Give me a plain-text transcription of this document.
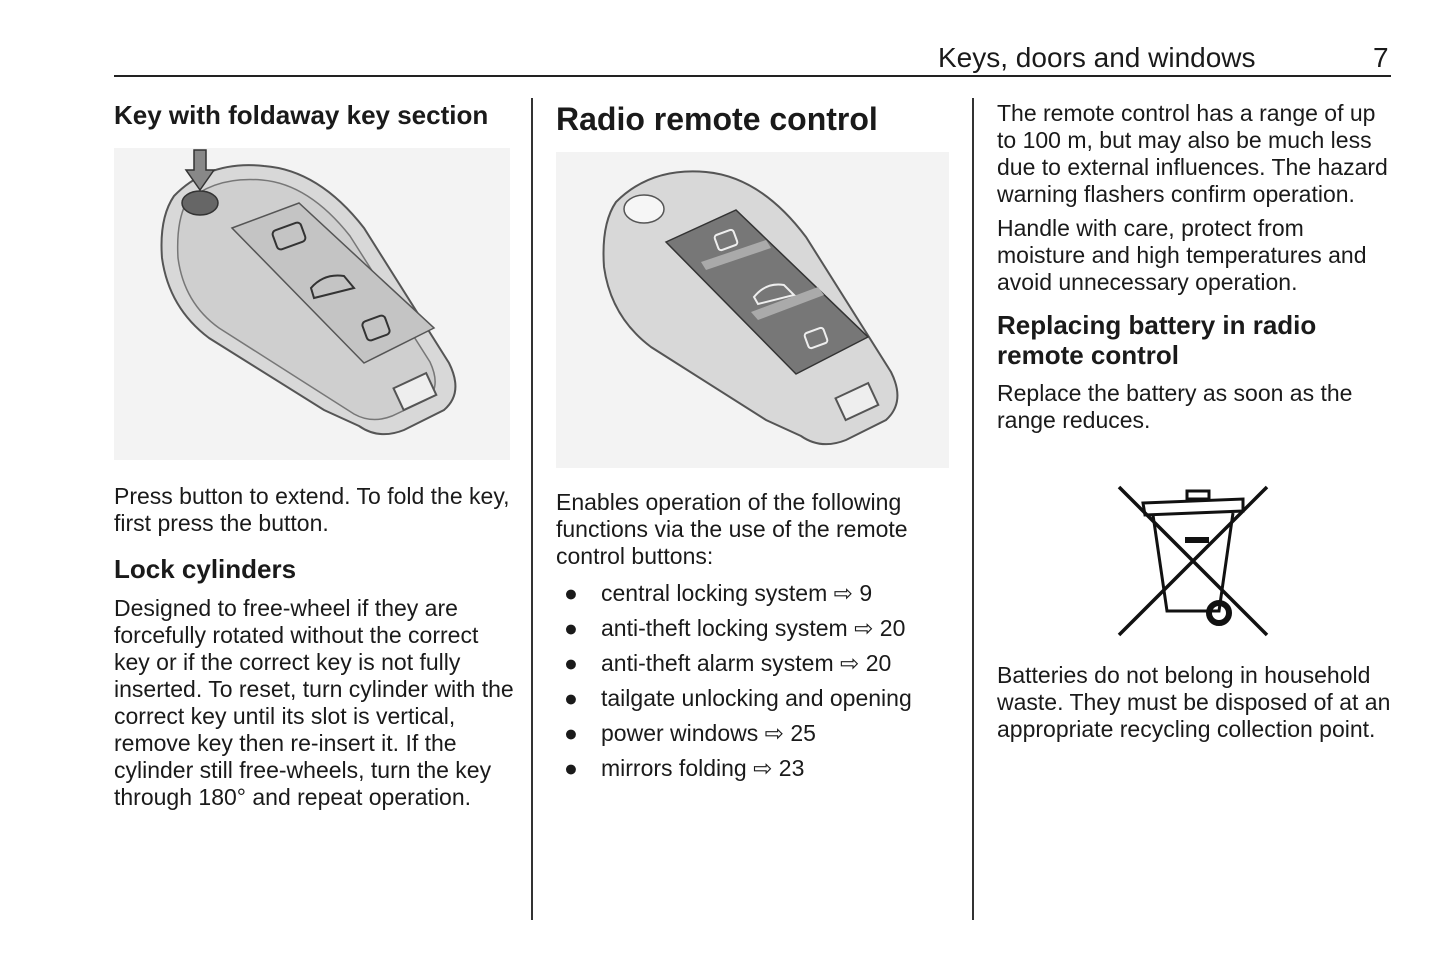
Keys, doors and windows	7
Key with foldaway key section

Press button to extend. To fold the key, first press the button.

Lock cylinders

Designed to free-wheel if they are forcefully rotated without the correct key or if the correct key is not fully inserted. To reset, turn cylinder with the correct key until its slot is vertical, remove key then re-insert it. If the cylinder still free-wheels, turn the key through 180° and repeat operation.

Radio remote control

Enables operation of the following functions via the use of the remote control buttons:

● central locking system ⇨ 9
● anti-theft locking system ⇨ 20
● anti-theft alarm system ⇨ 20
● tailgate unlocking and opening
● power windows ⇨ 25
● mirrors folding ⇨ 23

The remote control has a range of up to 100 m, but may also be much less due to external influences. The hazard warning flashers confirm operation.

Handle with care, protect from moisture and high temperatures and avoid unnecessary operation.

Replacing battery in radio remote control

Replace the battery as soon as the range reduces.

Batteries do not belong in household waste. They must be disposed of at an appropriate recycling collection point.
